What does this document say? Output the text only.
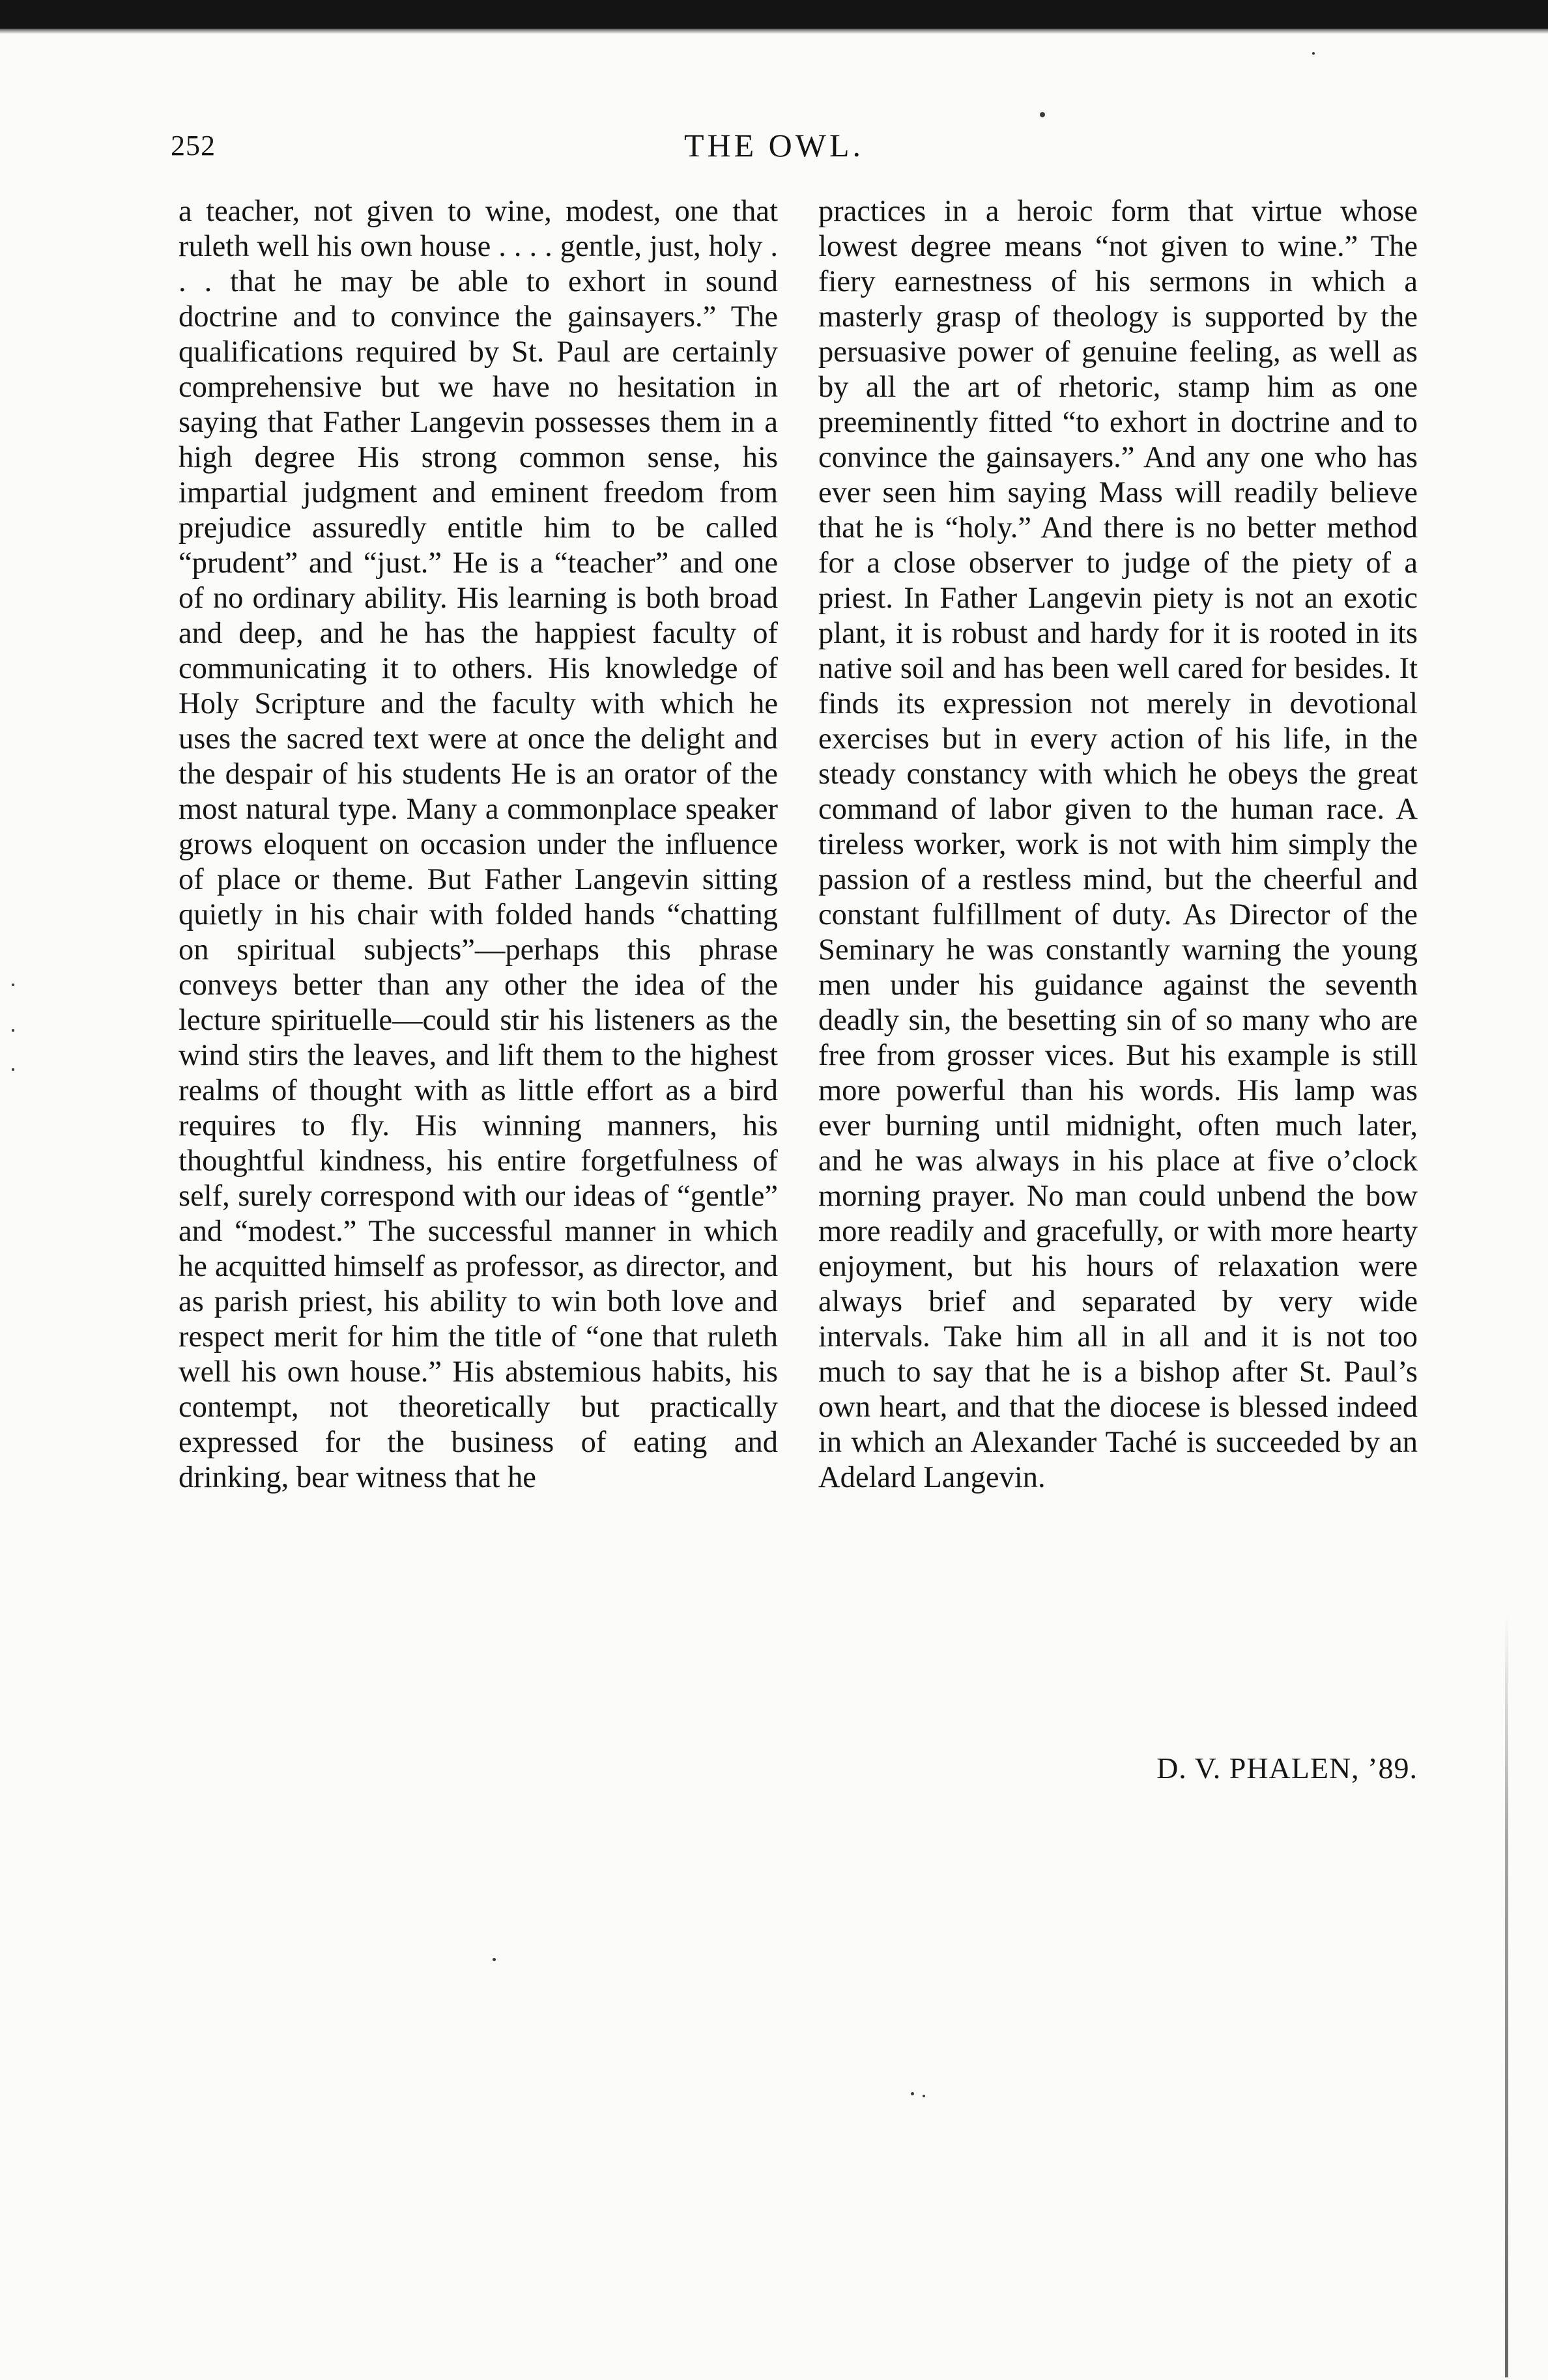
252	THE OWL.

a teacher, not given to wine, modest, one that ruleth well his own house . . . . gentle, just, holy . . . that he may be able to exhort in sound doctrine and to convince the gainsayers.” The qualifications required by St. Paul are certainly comprehensive but we have no hesitation in saying that Father Langevin possesses them in a high degree His strong common sense, his impartial judgment and eminent freedom from prejudice assuredly entitle him to be called “prudent” and “just.” He is a “teacher” and one of no ordinary ability. His learning is both broad and deep, and he has the happiest faculty of communicating it to others. His knowledge of Holy Scripture and the faculty with which he uses the sacred text were at once the delight and the despair of his students He is an orator of the most natural type. Many a commonplace speaker grows eloquent on occasion under the influence of place or theme. But Father Langevin sitting quietly in his chair with folded hands “chatting on spiritual subjects”—perhaps this phrase conveys better than any other the idea of the lecture spirituelle—could stir his listeners as the wind stirs the leaves, and lift them to the highest realms of thought with as little effort as a bird requires to fly. His winning manners, his thoughtful kindness, his entire forgetfulness of self, surely correspond with our ideas of “gentle” and “modest.” The successful manner in which he acquitted himself as professor, as director, and as parish priest, his ability to win both love and respect merit for him the title of “one that ruleth well his own house.” His abstemious habits, his contempt, not theoretically but practically expressed for the business of eating and drinking, bear witness that he

practices in a heroic form that virtue whose lowest degree means “not given to wine.” The fiery earnestness of his sermons in which a masterly grasp of theology is supported by the persuasive power of genuine feeling, as well as by all the art of rhetoric, stamp him as one preeminently fitted “to exhort in doctrine and to convince the gainsayers.” And any one who has ever seen him saying Mass will readily believe that he is “holy.” And there is no better method for a close observer to judge of the piety of a priest. In Father Langevin piety is not an exotic plant, it is robust and hardy for it is rooted in its native soil and has been well cared for besides. It finds its expression not merely in devotional exercises but in every action of his life, in the steady constancy with which he obeys the great command of labor given to the human race. A tireless worker, work is not with him simply the passion of a restless mind, but the cheerful and constant fulfillment of duty. As Director of the Seminary he was constantly warning the young men under his guidance against the seventh deadly sin, the besetting sin of so many who are free from grosser vices. But his example is still more powerful than his words. His lamp was ever burning until midnight, often much later, and he was always in his place at five o’clock morning prayer. No man could unbend the bow more readily and gracefully, or with more hearty enjoyment, but his hours of relaxation were always brief and separated by very wide intervals. Take him all in all and it is not too much to say that he is a bishop after St. Paul’s own heart, and that the diocese is blessed indeed in which an Alexander Taché is succeeded by an Adelard Langevin.

D. V. PHALEN, ’89.
